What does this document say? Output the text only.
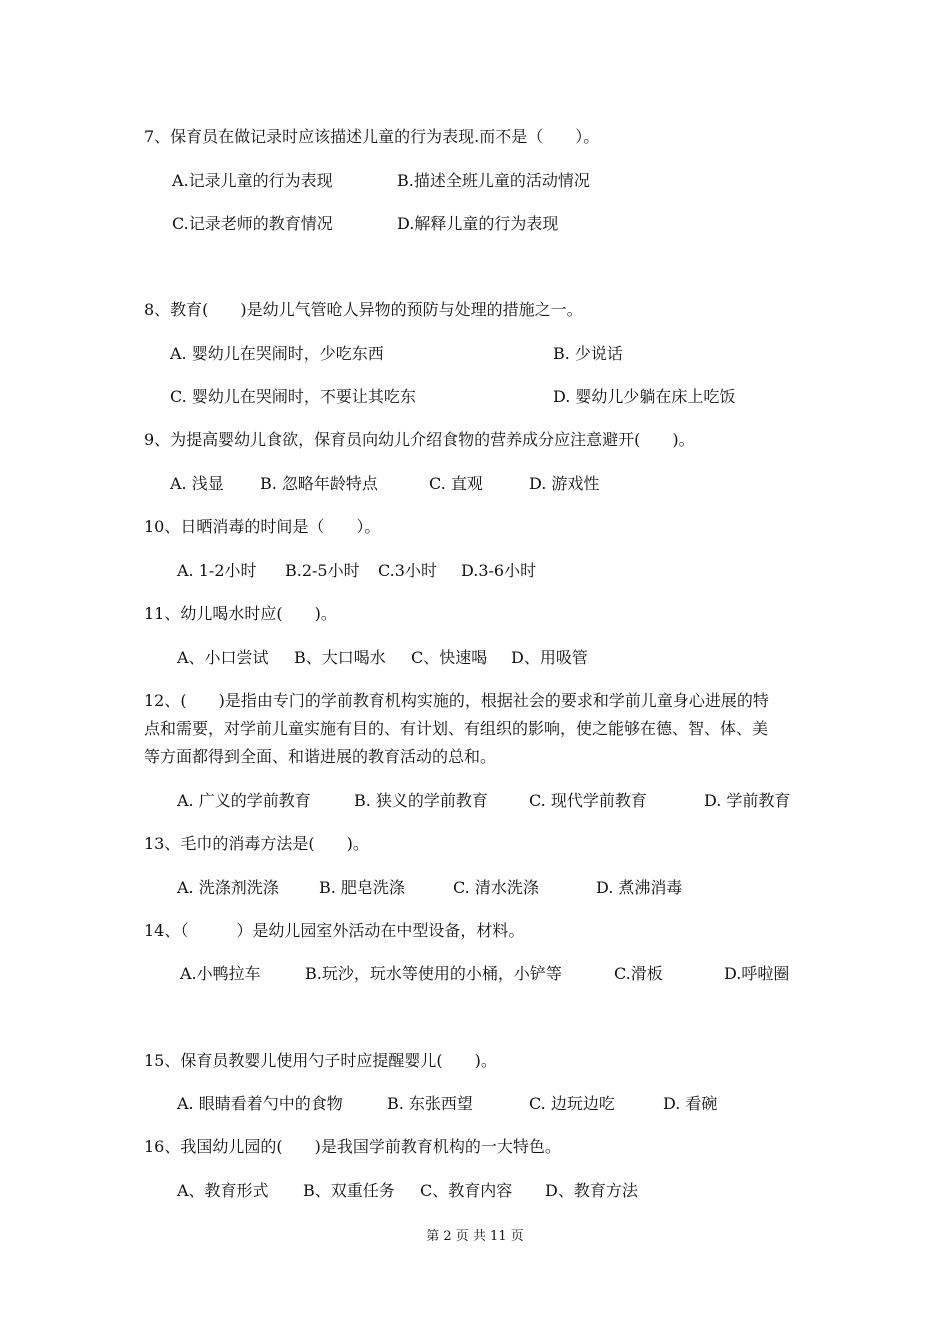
7、保育员在做记录时应该描述儿童的行为表现.而不是（　　）。
A.记录儿童的行为表现	B.描述全班儿童的活动情况
C.记录老师的教育情况	D.解释儿童的行为表现
8、教育(　　)是幼儿气管呛人异物的预防与处理的措施之一。
A. 婴幼儿在哭闹时，少吃东西	B. 少说话
C. 婴幼儿在哭闹时，不要让其吃东	D. 婴幼儿少躺在床上吃饭
9、为提高婴幼儿食欲，保育员向幼儿介绍食物的营养成分应注意避开(　　)。
A. 浅显 B. 忽略年龄特点	C. 直观	D. 游戏性
10、日晒消毒的时间是（　　）。
A. 1-2小时 B.2-5小时 C.3小时 D.3-6小时
11、幼儿喝水时应(　　)。
A、小口尝试 B、大口喝水 C、快速喝 D、用吸管
12、(　　)是指由专门的学前教育机构实施的，根据社会的要求和学前儿童身心进展的特
点和需要，对学前儿童实施有目的、有计划、有组织的影响，使之能够在德、智、体、美
等方面都得到全面、和谐进展的教育活动的总和。
A. 广义的学前教育	B. 狭义的学前教育	C. 现代学前教育	D. 学前教育
13、毛巾的消毒方法是(　　)。
A. 洗涤剂洗涤	B. 肥皂洗涤	C. 清水洗涤	D. 煮沸消毒
14、（　　　）是幼儿园室外活动在中型设备，材料。
A.小鸭拉车	B.玩沙，玩水等使用的小桶，小铲等	C.滑板	D.呼啦圈
15、保育员教婴儿使用勺子时应提醒婴儿(　　)。
A. 眼睛看着勺中的食物	B. 东张西望	C. 边玩边吃	D. 看碗
16、我国幼儿园的(　　)是我国学前教育机构的一大特色。
A、教育形式 B、双重任务 C、教育内容 D、教育方法
第 2 页 共 11 页
